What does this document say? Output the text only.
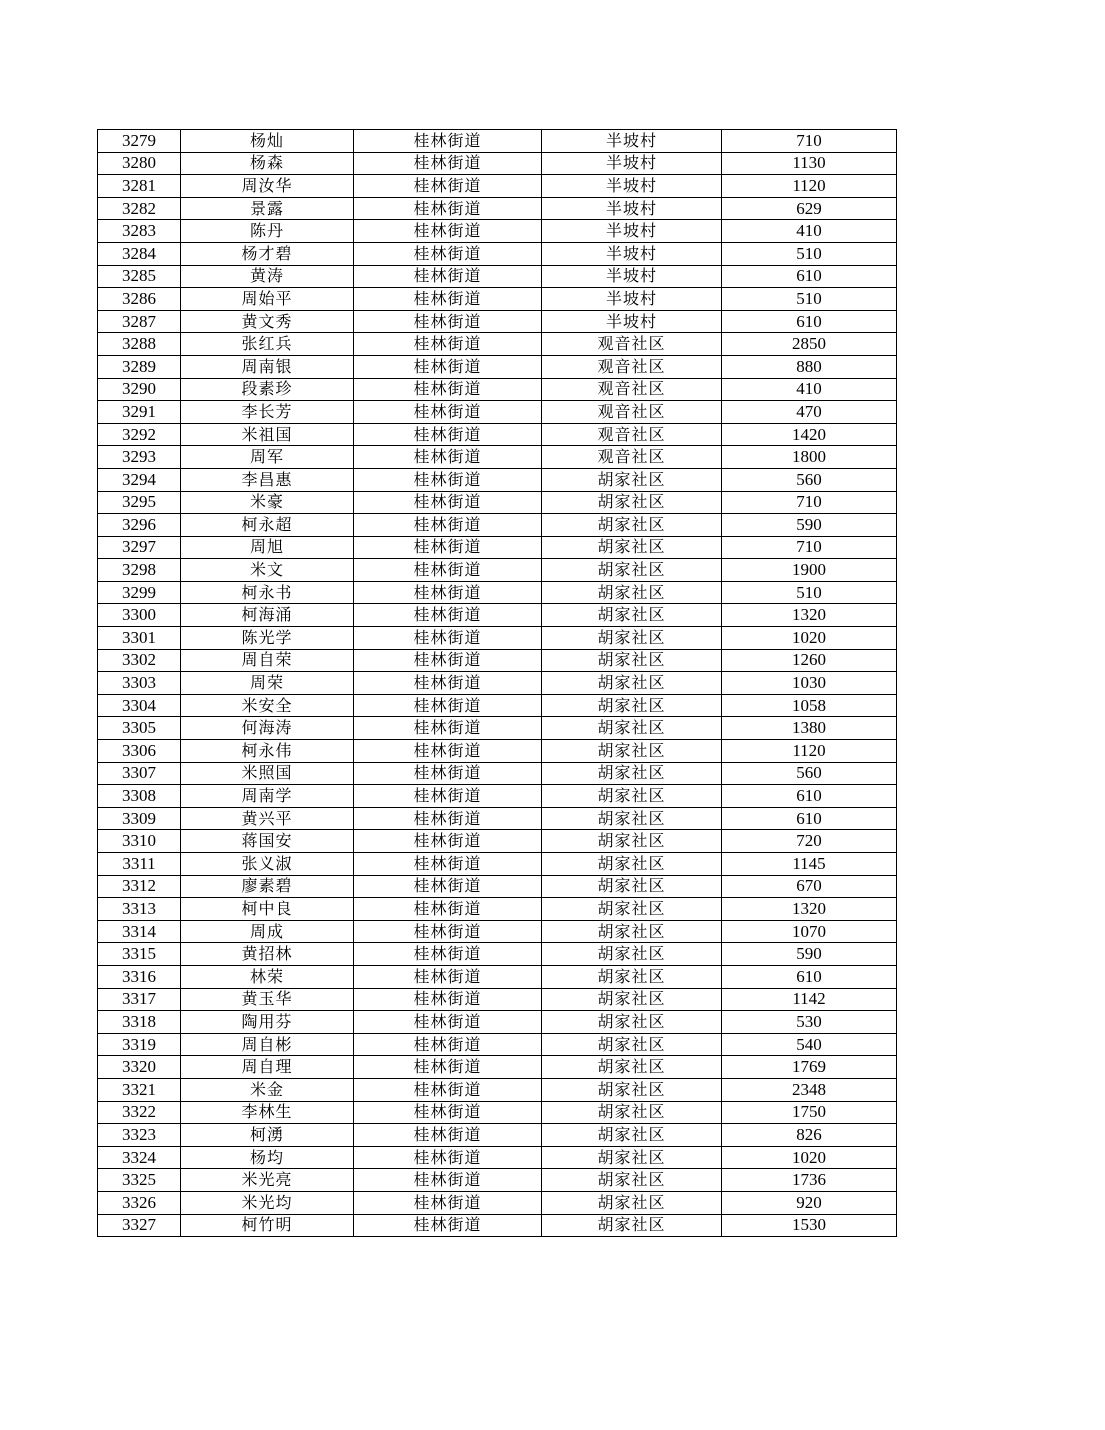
3279	杨灿	桂林街道	半坡村	710
3280	杨森	桂林街道	半坡村	1130
3281	周汝华	桂林街道	半坡村	1120
3282	景露	桂林街道	半坡村	629
3283	陈丹	桂林街道	半坡村	410
3284	杨才碧	桂林街道	半坡村	510
3285	黄涛	桂林街道	半坡村	610
3286	周始平	桂林街道	半坡村	510
3287	黄文秀	桂林街道	半坡村	610
3288	张红兵	桂林街道	观音社区	2850
3289	周南银	桂林街道	观音社区	880
3290	段素珍	桂林街道	观音社区	410
3291	李长芳	桂林街道	观音社区	470
3292	米祖国	桂林街道	观音社区	1420
3293	周军	桂林街道	观音社区	1800
3294	李昌惠	桂林街道	胡家社区	560
3295	米豪	桂林街道	胡家社区	710
3296	柯永超	桂林街道	胡家社区	590
3297	周旭	桂林街道	胡家社区	710
3298	米文	桂林街道	胡家社区	1900
3299	柯永书	桂林街道	胡家社区	510
3300	柯海涌	桂林街道	胡家社区	1320
3301	陈光学	桂林街道	胡家社区	1020
3302	周自荣	桂林街道	胡家社区	1260
3303	周荣	桂林街道	胡家社区	1030
3304	米安全	桂林街道	胡家社区	1058
3305	何海涛	桂林街道	胡家社区	1380
3306	柯永伟	桂林街道	胡家社区	1120
3307	米照国	桂林街道	胡家社区	560
3308	周南学	桂林街道	胡家社区	610
3309	黄兴平	桂林街道	胡家社区	610
3310	蒋国安	桂林街道	胡家社区	720
3311	张义淑	桂林街道	胡家社区	1145
3312	廖素碧	桂林街道	胡家社区	670
3313	柯中良	桂林街道	胡家社区	1320
3314	周成	桂林街道	胡家社区	1070
3315	黄招林	桂林街道	胡家社区	590
3316	林荣	桂林街道	胡家社区	610
3317	黄玉华	桂林街道	胡家社区	1142
3318	陶用芬	桂林街道	胡家社区	530
3319	周自彬	桂林街道	胡家社区	540
3320	周自理	桂林街道	胡家社区	1769
3321	米金	桂林街道	胡家社区	2348
3322	李林生	桂林街道	胡家社区	1750
3323	柯湧	桂林街道	胡家社区	826
3324	杨均	桂林街道	胡家社区	1020
3325	米光亮	桂林街道	胡家社区	1736
3326	米光均	桂林街道	胡家社区	920
3327	柯竹明	桂林街道	胡家社区	1530
